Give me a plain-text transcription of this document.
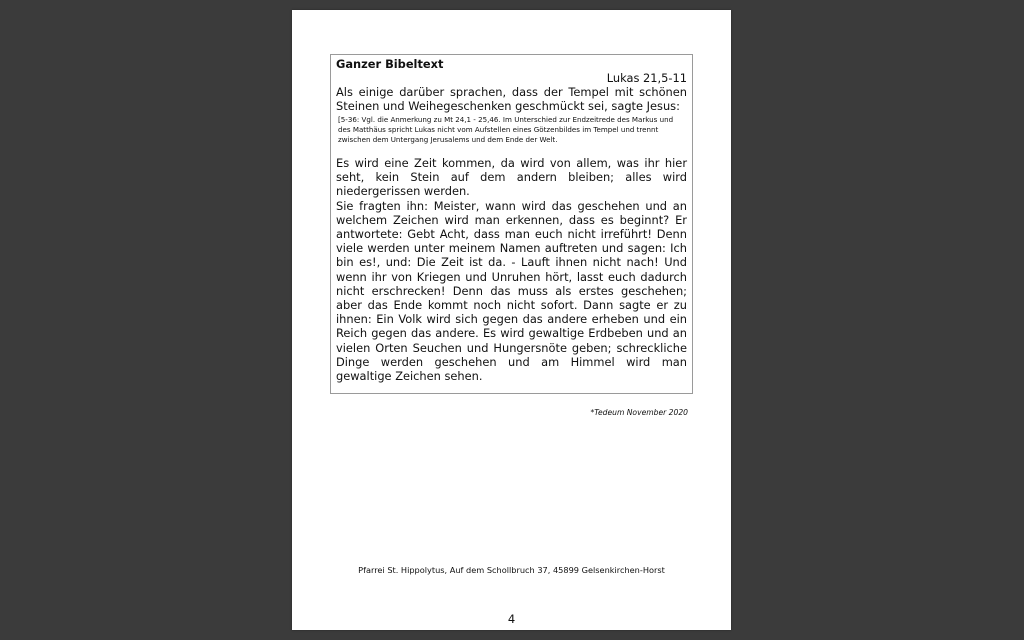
Ganzer Bibeltext

Lukas 21,5-11

Als einige darüber sprachen, dass der Tempel mit schönen Steinen und Weihegeschenken geschmückt sei, sagte Jesus:

[5-36: Vgl. die Anmerkung zu Mt 24,1 - 25,46. Im Unterschied zur Endzeitrede des Markus und des Matthäus spricht Lukas nicht vom Aufstellen eines Götzenbildes im Tempel und trennt zwischen dem Untergang Jerusalems und dem Ende der Welt.

Es wird eine Zeit kommen, da wird von allem, was ihr hier seht, kein Stein auf dem andern bleiben; alles wird niedergerissen werden.

Sie fragten ihn: Meister, wann wird das geschehen und an welchem Zeichen wird man erkennen, dass es beginnt? Er antwortete: Gebt Acht, dass man euch nicht irreführt! Denn viele werden unter meinem Namen auftreten und sagen: Ich bin es!, und: Die Zeit ist da. - Lauft ihnen nicht nach! Und wenn ihr von Kriegen und Unruhen hört, lasst euch dadurch nicht erschrecken! Denn das muss als erstes geschehen; aber das Ende kommt noch nicht sofort. Dann sagte er zu ihnen: Ein Volk wird sich gegen das andere erheben und ein Reich gegen das andere. Es wird gewaltige Erdbeben und an vielen Orten Seuchen und Hungersnöte geben; schreckliche Dinge werden geschehen und am Himmel wird man gewaltige Zeichen sehen.

*Tedeum November 2020
Pfarrei St. Hippolytus, Auf dem Schollbruch 37, 45899 Gelsenkirchen-Horst
4
